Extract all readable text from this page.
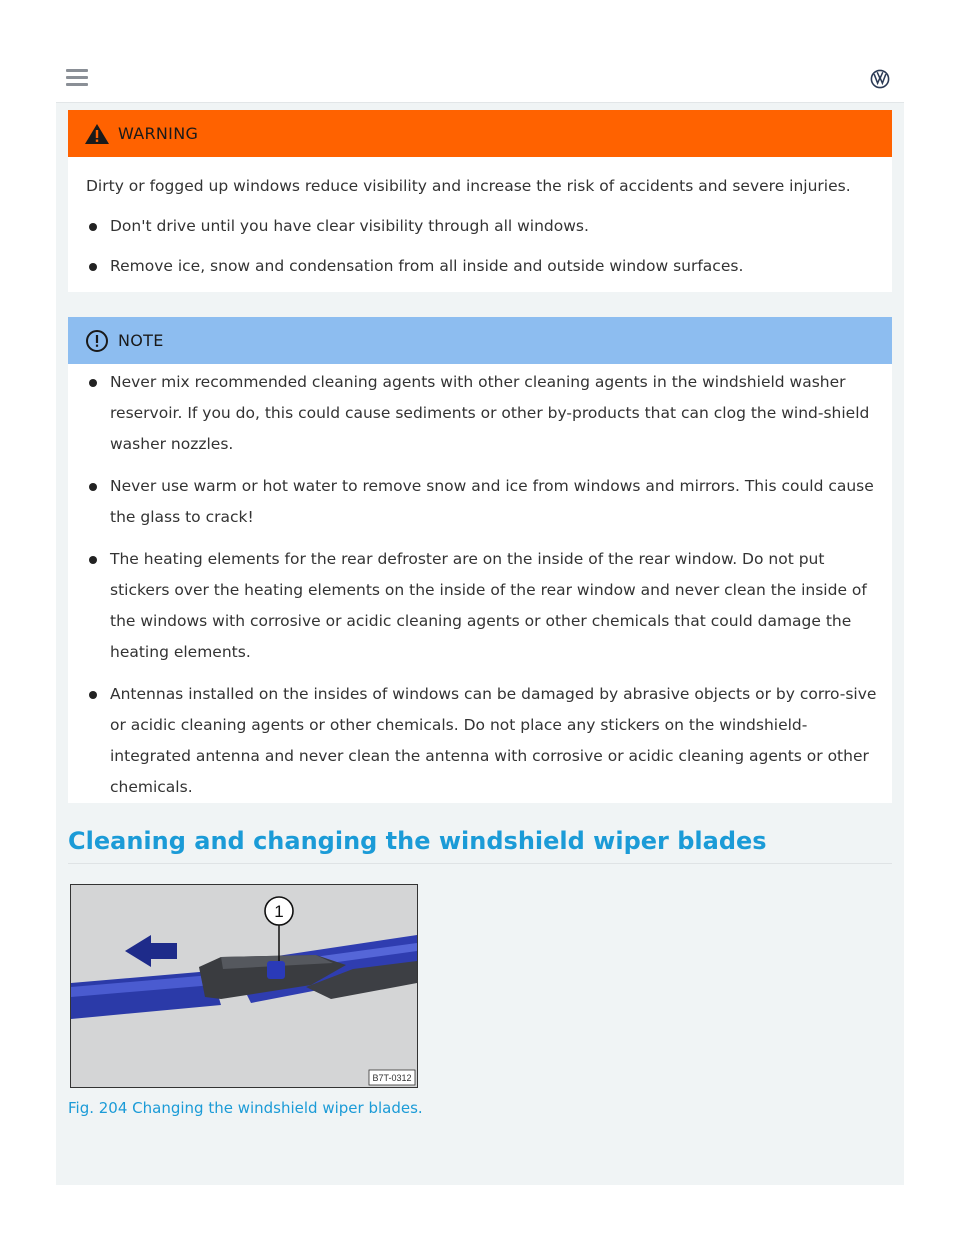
WARNING
Dirty or fogged up windows reduce visibility and increase the risk of accidents and severe injuries.
Don't drive until you have clear visibility through all windows.
Remove ice, snow and condensation from all inside and outside window surfaces.
NOTE
Never mix recommended cleaning agents with other cleaning agents in the windshield washer reservoir. If you do, this could cause sediments or other by-products that can clog the wind-shield washer nozzles.
Never use warm or hot water to remove snow and ice from windows and mirrors. This could cause the glass to crack!
The heating elements for the rear defroster are on the inside of the rear window. Do not put stickers over the heating elements on the inside of the rear window and never clean the inside of the windows with corrosive or acidic cleaning agents or other chemicals that could damage the heating elements.
Antennas installed on the insides of windows can be damaged by abrasive objects or by corro-sive or acidic cleaning agents or other chemicals. Do not place any stickers on the windshield-integrated antenna and never clean the antenna with corrosive or acidic cleaning agents or other chemicals.
Cleaning and changing the windshield wiper blades
1
B7T-0312
Fig. 204 Changing the windshield wiper blades.
